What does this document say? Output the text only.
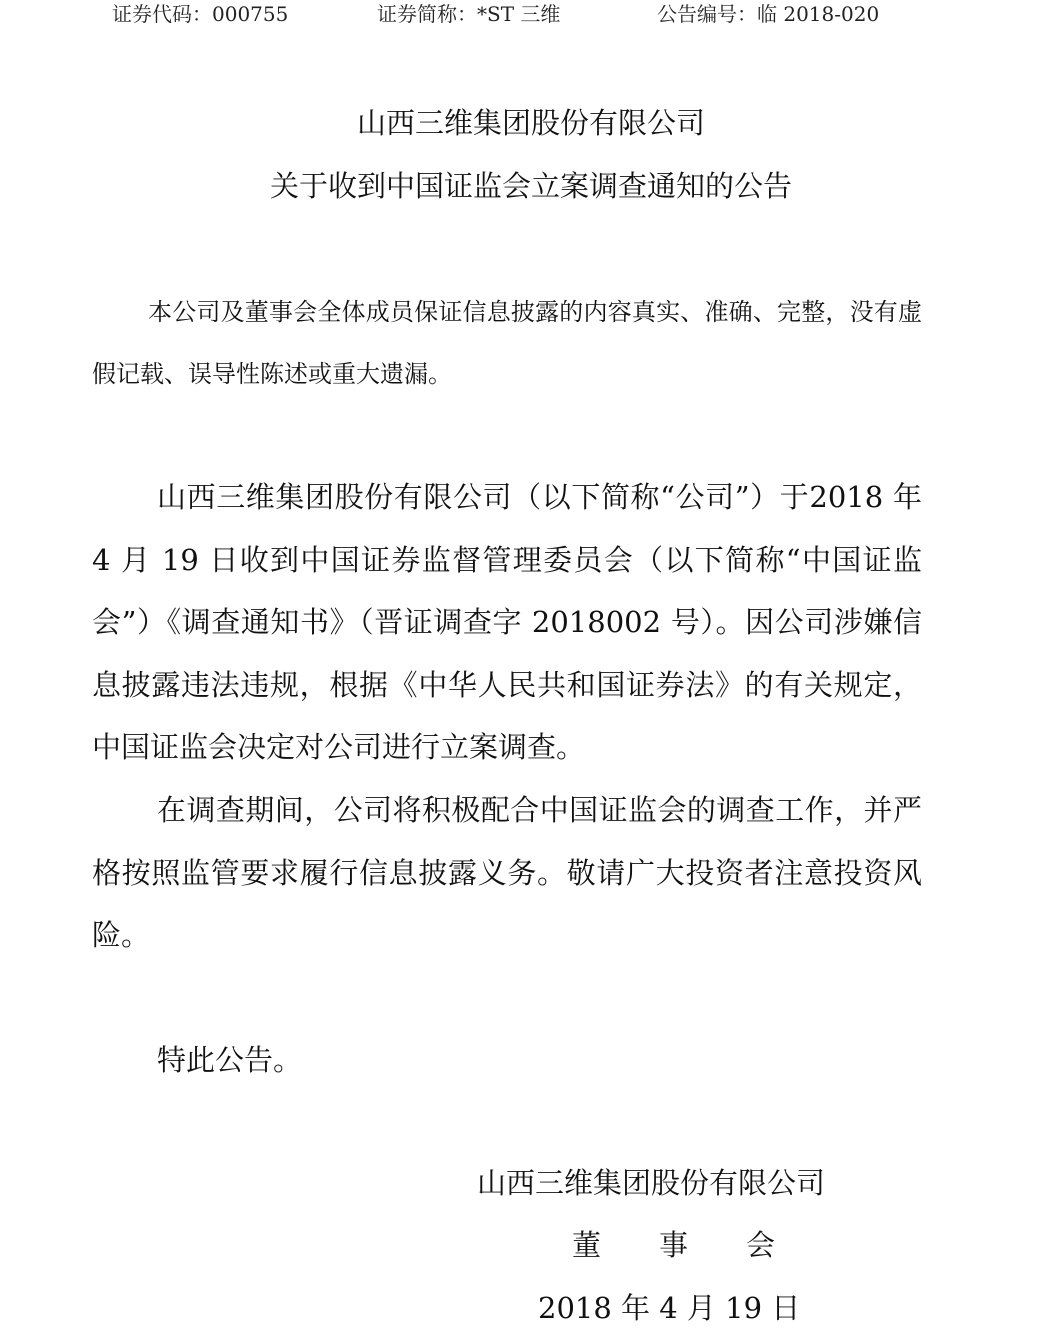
证券代码：000755	证券简称：*ST 三维	公告编号：临 2018-020
山西三维集团股份有限公司
关于收到中国证监会立案调查通知的公告
本公司及董事会全体成员保证信息披露的内容真实、准确、完整，没有虚假记载、误导性陈述或重大遗漏。

山西三维集团股份有限公司（以下简称“公司”）于2018 年 4 月 19 日收到中国证券监督管理委员会（以下简称“中国证监会”）《调查通知书》（晋证调查字 2018002 号）。因公司涉嫌信息披露违法违规，根据《中华人民共和国证券法》的有关规定，中国证监会决定对公司进行立案调查。

在调查期间，公司将积极配合中国证监会的调查工作，并严格按照监管要求履行信息披露义务。敬请广大投资者注意投资风险。

特此公告。

山西三维集团股份有限公司
董　　事　　会
2018 年 4 月 19 日
